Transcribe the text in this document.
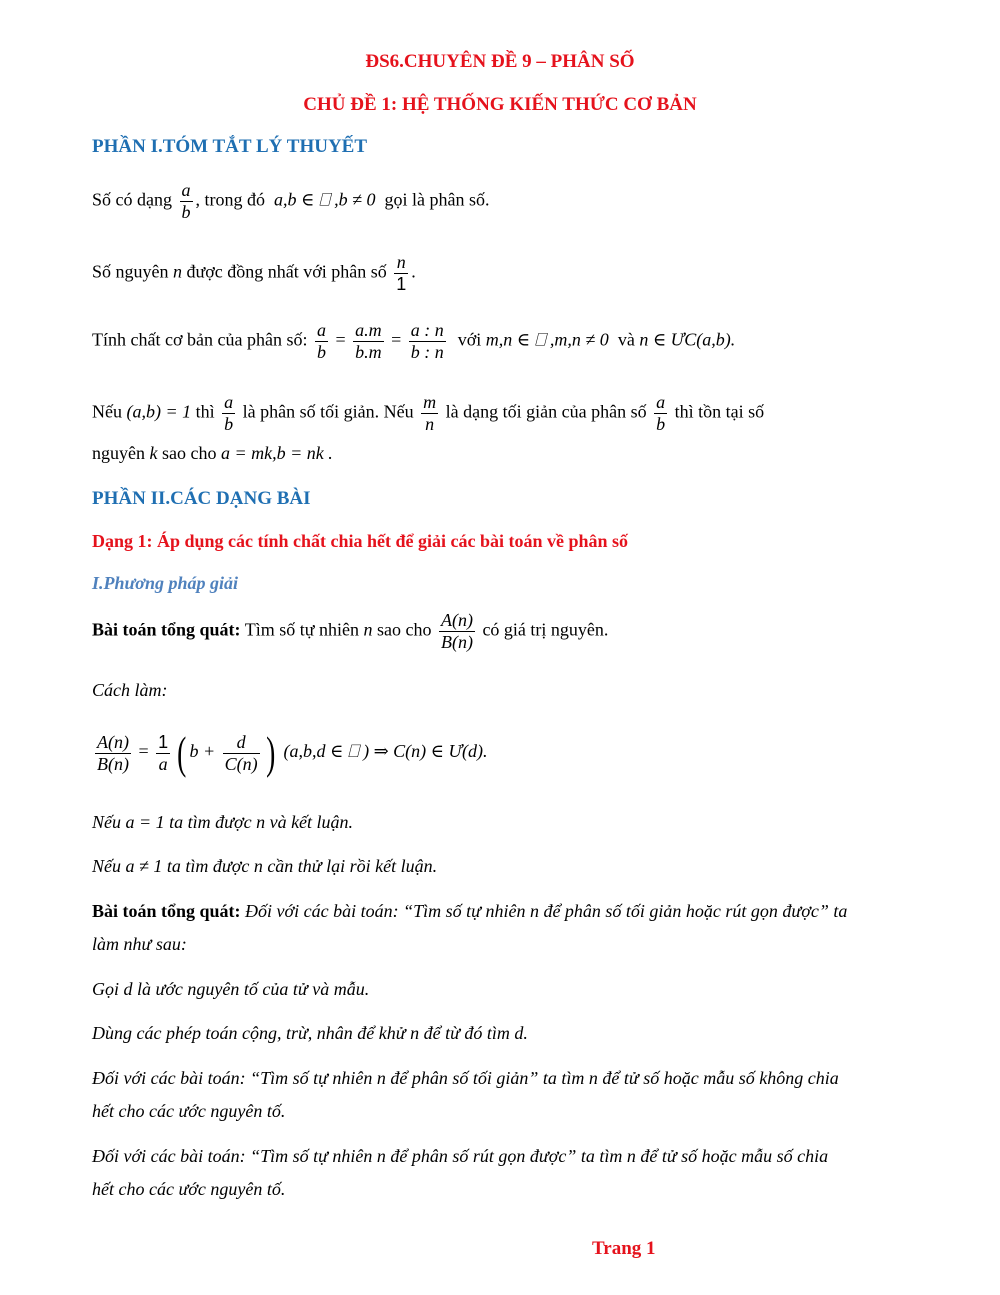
ĐS6.CHUYÊN ĐỀ 9 – PHÂN SỐ
CHỦ ĐỀ 1: HỆ THỐNG KIẾN THỨC CƠ BẢN
PHẦN I.TÓM TẮT LÝ THUYẾT
Số có dạng $\frac{a}{b}$ , trong đó a,b ∈ ⎕ ,b ≠ 0 gọi là phân số.
Số nguyên n được đồng nhất với phân số $\frac{n}{1}$ .
Tính chất cơ bản của phân số: $\frac{a}{b} = \frac{a.m}{b.m} = \frac{a : n}{b : n}$ với m,n ∈ ⎕ ,m,n ≠ 0 và n ∈ ƯC(a,b).
Nếu (a,b) = 1 thì $\frac{a}{b}$ là phân số tối giản. Nếu $\frac{m}{n}$ là dạng tối giản của phân số $\frac{a}{b}$ thì tồn tại số
nguyên k sao cho a = mk,b = nk .
PHẦN II.CÁC DẠNG BÀI
Dạng 1: Áp dụng các tính chất chia hết để giải các bài toán về phân số
I.Phương pháp giải
Bài toán tổng quát: Tìm số tự nhiên n sao cho $\frac{A(n)}{B(n)}$ có giá trị nguyên.
Cách làm:
$\frac{A(n)}{B(n)} = \frac{1}{a}$ ( $b + \frac{d}{C(n)}$ ) (a,b,d ∈ ⎕ ) ⇒ C(n) ∈ Ư(d).
Nếu a = 1 ta tìm được n và kết luận.
Nếu a ≠ 1 ta tìm được n cần thử lại rồi kết luận.
Bài toán tổng quát: Đối với các bài toán: “Tìm số tự nhiên n để phân số tối giản hoặc rút gọn được” ta
làm như sau:
Gọi d là ước nguyên tố của tử và mẫu.
Dùng các phép toán cộng, trừ, nhân để khử n để từ đó tìm d.
Đối với các bài toán: “Tìm số tự nhiên n để phân số tối giản” ta tìm n để tử số hoặc mẫu số không chia
hết cho các ước nguyên tố.
Đối với các bài toán: “Tìm số tự nhiên n để phân số rút gọn được” ta tìm n để tử số hoặc mẫu số chia
hết cho các ước nguyên tố.
Trang 1
